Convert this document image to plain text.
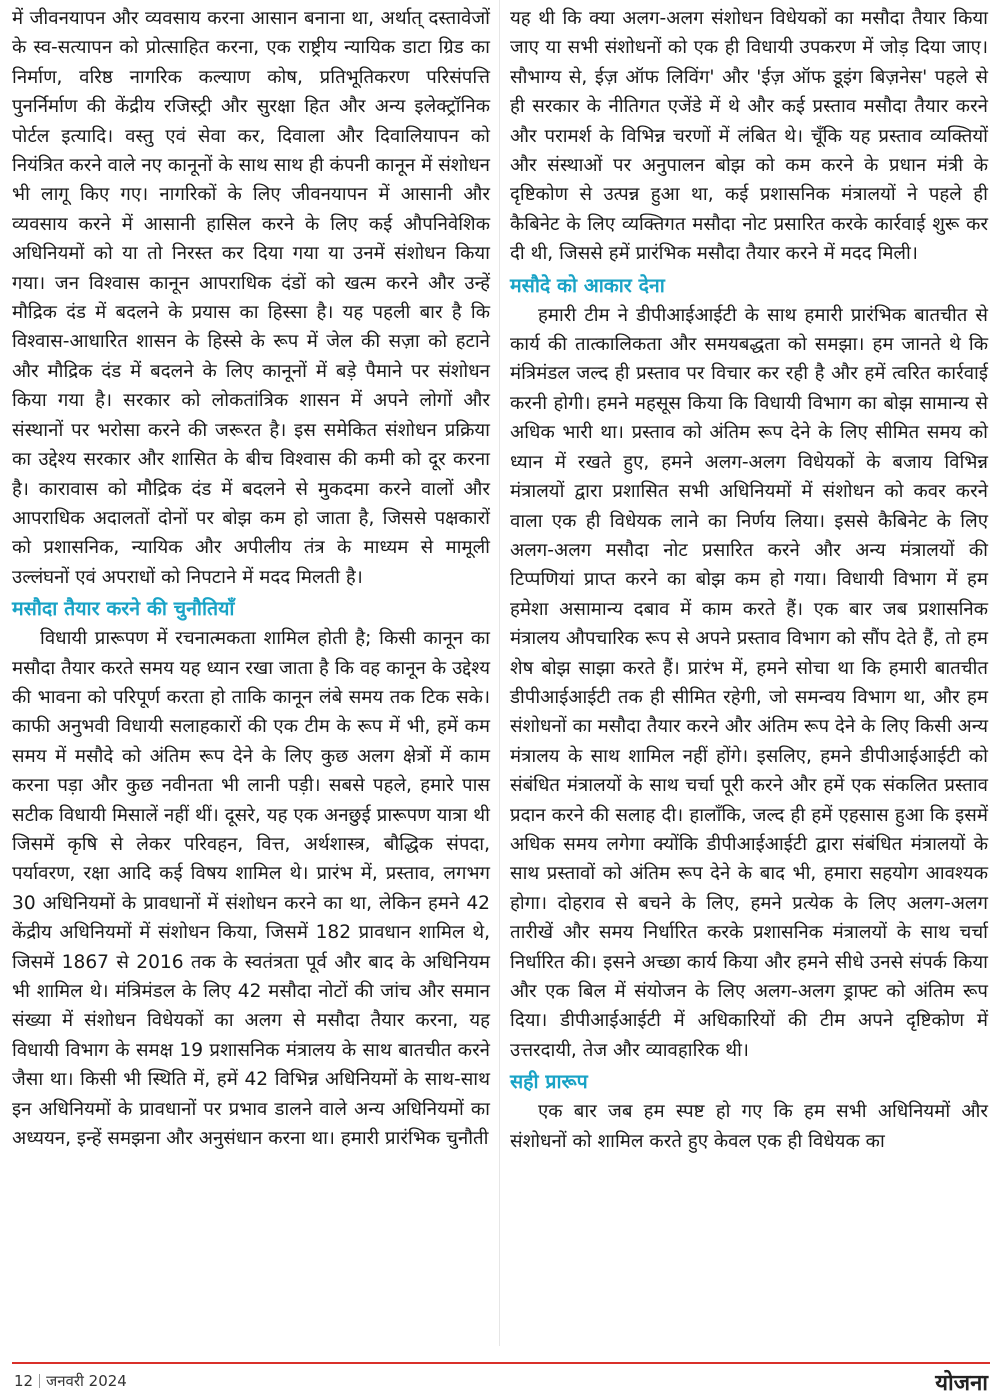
में जीवनयापन और व्यवसाय करना आसान बनाना था, अर्थात् दस्तावेजों के स्व-सत्यापन को प्रोत्साहित करना, एक राष्ट्रीय न्यायिक डाटा ग्रिड का निर्माण, वरिष्ठ नागरिक कल्याण कोष, प्रतिभूतिकरण परिसंपत्ति पुनर्निर्माण की केंद्रीय रजिस्ट्री और सुरक्षा हित और अन्य इलेक्ट्रॉनिक पोर्टल इत्यादि। वस्तु एवं सेवा कर, दिवाला और दिवालियापन को नियंत्रित करने वाले नए कानूनों के साथ साथ ही कंपनी कानून में संशोधन भी लागू किए गए। नागरिकों के लिए जीवनयापन में आसानी और व्यवसाय करने में आसानी हासिल करने के लिए कई औपनिवेशिक अधिनियमों को या तो निरस्त कर दिया गया या उनमें संशोधन किया गया। जन विश्वास कानून आपराधिक दंडों को खत्म करने और उन्हें मौद्रिक दंड में बदलने के प्रयास का हिस्सा है। यह पहली बार है कि विश्वास-आधारित शासन के हिस्से के रूप में जेल की सज़ा को हटाने और मौद्रिक दंड में बदलने के लिए कानूनों में बड़े पैमाने पर संशोधन किया गया है। सरकार को लोकतांत्रिक शासन में अपने लोगों और संस्थानों पर भरोसा करने की जरूरत है। इस समेकित संशोधन प्रक्रिया का उद्देश्य सरकार और शासित के बीच विश्वास की कमी को दूर करना है। कारावास को मौद्रिक दंड में बदलने से मुकदमा करने वालों और आपराधिक अदालतों दोनों पर बोझ कम हो जाता है, जिससे पक्षकारों को प्रशासनिक, न्यायिक और अपीलीय तंत्र के माध्यम से मामूली उल्लंघनों एवं अपराधों को निपटाने में मदद मिलती है।

मसौदा तैयार करने की चुनौतियाँ

विधायी प्रारूपण में रचनात्मकता शामिल होती है; किसी कानून का मसौदा तैयार करते समय यह ध्यान रखा जाता है कि वह कानून के उद्देश्य की भावना को परिपूर्ण करता हो ताकि कानून लंबे समय तक टिक सके। काफी अनुभवी विधायी सलाहकारों की एक टीम के रूप में भी, हमें कम समय में मसौदे को अंतिम रूप देने के लिए कुछ अलग क्षेत्रों में काम करना पड़ा और कुछ नवीनता भी लानी पड़ी। सबसे पहले, हमारे पास सटीक विधायी मिसालें नहीं थीं। दूसरे, यह एक अनछुई प्रारूपण यात्रा थी जिसमें कृषि से लेकर परिवहन, वित्त, अर्थशास्त्र, बौद्धिक संपदा, पर्यावरण, रक्षा आदि कई विषय शामिल थे। प्रारंभ में, प्रस्ताव, लगभग 30 अधिनियमों के प्रावधानों में संशोधन करने का था, लेकिन हमने 42 केंद्रीय अधिनियमों में संशोधन किया, जिसमें 182 प्रावधान शामिल थे, जिसमें 1867 से 2016 तक के स्वतंत्रता पूर्व और बाद के अधिनियम भी शामिल थे। मंत्रिमंडल के लिए 42 मसौदा नोटों की जांच और समान संख्या में संशोधन विधेयकों का अलग से मसौदा तैयार करना, यह विधायी विभाग के समक्ष 19 प्रशासनिक मंत्रालय के साथ बातचीत करने जैसा था। किसी भी स्थिति में, हमें 42 विभिन्न अधिनियमों के साथ-साथ इन अधिनियमों के प्रावधानों पर प्रभाव डालने वाले अन्य अधिनियमों का अध्ययन, इन्हें समझना और अनुसंधान करना था। हमारी प्रारंभिक चुनौती

यह थी कि क्या अलग-अलग संशोधन विधेयकों का मसौदा तैयार किया जाए या सभी संशोधनों को एक ही विधायी उपकरण में जोड़ दिया जाए। सौभाग्य से, ईज़ ऑफ लिविंग' और 'ईज़ ऑफ डूइंग बिज़नेस' पहले से ही सरकार के नीतिगत एजेंडे में थे और कई प्रस्ताव मसौदा तैयार करने और परामर्श के विभिन्न चरणों में लंबित थे। चूँकि यह प्रस्ताव व्यक्तियों और संस्थाओं पर अनुपालन बोझ को कम करने के प्रधान मंत्री के दृष्टिकोण से उत्पन्न हुआ था, कई प्रशासनिक मंत्रालयों ने पहले ही कैबिनेट के लिए व्यक्तिगत मसौदा नोट प्रसारित करके कार्रवाई शुरू कर दी थी, जिससे हमें प्रारंभिक मसौदा तैयार करने में मदद मिली।

मसौदे को आकार देना

हमारी टीम ने डीपीआईआईटी के साथ हमारी प्रारंभिक बातचीत से कार्य की तात्कालिकता और समयबद्धता को समझा। हम जानते थे कि मंत्रिमंडल जल्द ही प्रस्ताव पर विचार कर रही है और हमें त्वरित कार्रवाई करनी होगी। हमने महसूस किया कि विधायी विभाग का बोझ सामान्य से अधिक भारी था। प्रस्ताव को अंतिम रूप देने के लिए सीमित समय को ध्यान में रखते हुए, हमने अलग-अलग विधेयकों के बजाय विभिन्न मंत्रालयों द्वारा प्रशासित सभी अधिनियमों में संशोधन को कवर करने वाला एक ही विधेयक लाने का निर्णय लिया। इससे कैबिनेट के लिए अलग-अलग मसौदा नोट प्रसारित करने और अन्य मंत्रालयों की टिप्पणियां प्राप्त करने का बोझ कम हो गया। विधायी विभाग में हम हमेशा असामान्य दबाव में काम करते हैं। एक बार जब प्रशासनिक मंत्रालय औपचारिक रूप से अपने प्रस्ताव विभाग को सौंप देते हैं, तो हम शेष बोझ साझा करते हैं। प्रारंभ में, हमने सोचा था कि हमारी बातचीत डीपीआईआईटी तक ही सीमित रहेगी, जो समन्वय विभाग था, और हम संशोधनों का मसौदा तैयार करने और अंतिम रूप देने के लिए किसी अन्य मंत्रालय के साथ शामिल नहीं होंगे। इसलिए, हमने डीपीआईआईटी को संबंधित मंत्रालयों के साथ चर्चा पूरी करने और हमें एक संकलित प्रस्ताव प्रदान करने की सलाह दी। हालाँकि, जल्द ही हमें एहसास हुआ कि इसमें अधिक समय लगेगा क्योंकि डीपीआईआईटी द्वारा संबंधित मंत्रालयों के साथ प्रस्तावों को अंतिम रूप देने के बाद भी, हमारा सहयोग आवश्यक होगा। दोहराव से बचने के लिए, हमने प्रत्येक के लिए अलग-अलग तारीखें और समय निर्धारित करके प्रशासनिक मंत्रालयों के साथ चर्चा निर्धारित की। इसने अच्छा कार्य किया और हमने सीधे उनसे संपर्क किया और एक बिल में संयोजन के लिए अलग-अलग ड्राफ्ट को अंतिम रूप दिया। डीपीआईआईटी में अधिकारियों की टीम अपने दृष्टिकोण में उत्तरदायी, तेज और व्यावहारिक थी।

सही प्रारूप

एक बार जब हम स्पष्ट हो गए कि हम सभी अधिनियमों और संशोधनों को शामिल करते हुए केवल एक ही विधेयक का

12 जनवरी 2024	योजना
